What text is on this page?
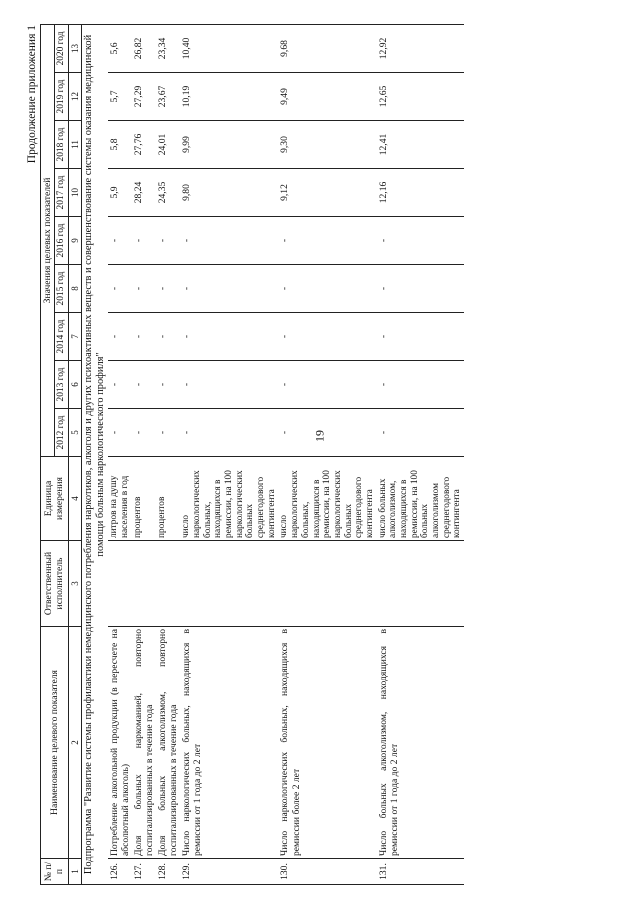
19
Продолжение приложения 1
№ п/п	Наименование целевого показателя	Ответственный исполнитель	Единица измерения	Значения целевых показателей								
				2012 год	2013 год	2014 год	2015 год	2016 год	2017 год	2018 год	2019 год	2020 год
1	2	3	4	5	6	7	8	9	10	11	12	13
Подпрограмма "Развитие системы профилактики немедицинского потребления наркотиков, алкоголя и других психоактивных веществ и совершенствование системы оказания медицинской помощи больным наркологического профиля"												
126.	Потребление алкогольной продукции (в пересчете на абсолютный алкоголь)		литров на душу населения в год	-	-	-	-	-	5,9	5,8	5,7	5,6
127.	Доля больных наркоманией, повторно госпитализированных в течение года		процентов	-	-	-	-	-	28,24	27,76	27,29	26,82
128.	Доля больных алкоголизмом, повторно госпитализированных в течение года		процентов	-	-	-	-	-	24,35	24,01	23,67	23,34
129.	Число наркологических больных, находящихся в ремиссии от 1 года до 2 лет		число наркологических больных, находящихся в ремиссии, на 100 наркологических больных среднегодового контингента	-	-	-	-	-	9,80	9,99	10,19	10,40
130.	Число наркологических больных, находящихся в ремиссии более 2 лет		число наркологических больных, находящихся в ремиссии, на 100 наркологических больных среднегодового контингента	-	-	-	-	-	9,12	9,30	9,49	9,68
131.	Число больных алкоголизмом, находящихся в ремиссии от 1 года до 2 лет		число больных алкоголизмом, находящихся в ремиссии, на 100 больных алкоголизмом среднегодового контингента	-	-	-	-	-	12,16	12,41	12,65	12,92
